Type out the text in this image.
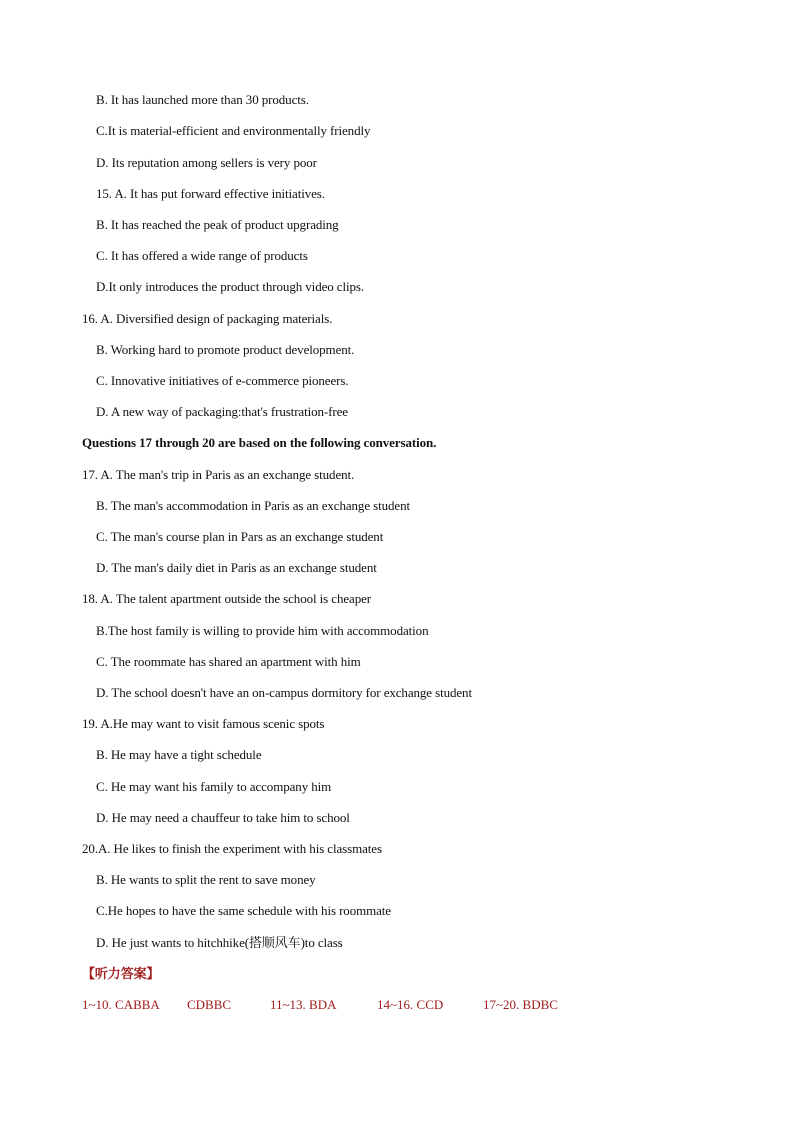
B. It has launched more than 30 products.
C.It is material-efficient and environmentally friendly
D. Its reputation among sellers is very poor
15. A. It has put forward effective initiatives.
B. It has reached the peak of product upgrading
C. It has offered a wide range of products
D.It only introduces the product through video clips.
16. A. Diversified design of packaging materials.
B. Working hard to promote product development.
C. Innovative initiatives of e-commerce pioneers.
D. A new way of packaging:that's frustration-free
Questions 17 through 20 are based on the following conversation.
17. A. The man's trip in Paris as an exchange student.
B. The man's accommodation in Paris as an exchange student
C. The man's course plan in Pars as an exchange student
D. The man's daily diet in Paris as an exchange student
18. A. The talent apartment outside the school is cheaper
B.The host family is willing to provide him with accommodation
C. The roommate has shared an apartment with him
D. The school doesn't have an on-campus dormitory for exchange student
19. A.He may want to visit famous scenic spots
B. He may have a tight schedule
C. He may want his family to accompany him
D. He may need a chauffeur to take him to school
20.A. He likes to finish the experiment with his classmates
B. He wants to split the rent to save money
C.He hopes to have the same schedule with his roommate
D. He just wants to hitchhike(搭顺风车)to class
【听力答案】
1~10. CABBA CDBBC	11~13. BDA	14~16. CCD	17~20. BDBC
